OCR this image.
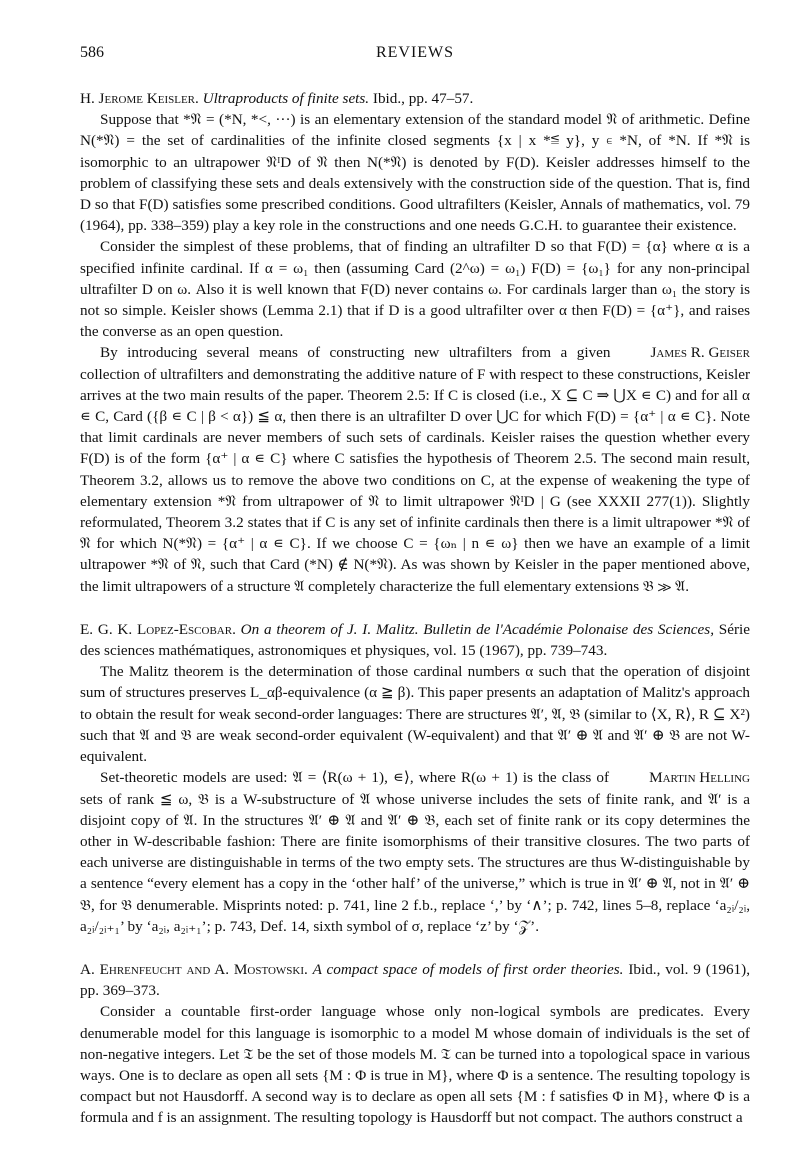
586	REVIEWS

H. Jerome Keisler. Ultraproducts of finite sets. Ibid., pp. 47–57.

Suppose that *𝔑 = (*N, *<, ···) is an elementary extension of the standard model 𝔑 of arithmetic. Define N(*𝔑) = the set of cardinalities of the infinite closed segments {x | x *≦ y}, y ∊ *N, of *N. If *𝔑 is isomorphic to an ultrapower 𝔑ᴵD of 𝔑 then N(*𝔑) is denoted by F(D). Keisler addresses himself to the problem of classifying these sets and deals extensively with the construction side of the question. That is, find D so that F(D) satisfies some prescribed conditions. Good ultrafilters (Keisler, Annals of mathematics, vol. 79 (1964), pp. 338–359) play a key role in the constructions and one needs G.C.H. to guarantee their existence.

Consider the simplest of these problems, that of finding an ultrafilter D so that F(D) = {α} where α is a specified infinite cardinal. If α = ω₁ then (assuming Card (2^ω) = ω₁) F(D) = {ω₁} for any non-principal ultrafilter D on ω. Also it is well known that F(D) never contains ω. For cardinals larger than ω₁ the story is not so simple. Keisler shows (Lemma 2.1) that if D is a good ultrafilter over α then F(D) = {α⁺}, and raises the converse as an open question.

James R. Geiser
By introducing several means of constructing new ultrafilters from a given collection of ultrafilters and demonstrating the additive nature of F with respect to these constructions, Keisler arrives at the two main results of the paper. Theorem 2.5: If C is closed (i.e., X ⊆ C ⇒ ⋃X ∊ C) and for all α ∊ C, Card ({β ∊ C | β < α}) ≦ α, then there is an ultrafilter D over ⋃C for which F(D) = {α⁺ | α ∊ C}. Note that limit cardinals are never members of such sets of cardinals. Keisler raises the question whether every F(D) is of the form {α⁺ | α ∊ C} where C satisfies the hypothesis of Theorem 2.5. The second main result, Theorem 3.2, allows us to remove the above two conditions on C, at the expense of weakening the type of elementary extension *𝔑 from ultrapower of 𝔑 to limit ultrapower 𝔑ᴵD | G (see XXXII 277(1)). Slightly reformulated, Theorem 3.2 states that if C is any set of infinite cardinals then there is a limit ultrapower *𝔑 of 𝔑 for which N(*𝔑) = {α⁺ | α ∊ C}. If we choose C = {ωₙ | n ∊ ω} then we have an example of a limit ultrapower *𝔑 of 𝔑, such that Card (*N) ∉ N(*𝔑). As was shown by Keisler in the paper mentioned above, the limit ultrapowers of a structure 𝔄 completely characterize the full elementary extensions 𝔅 ≫ 𝔄.

E. G. K. Lopez-Escobar. On a theorem of J. I. Malitz. Bulletin de l'Académie Polonaise des Sciences, Série des sciences mathématiques, astronomiques et physiques, vol. 15 (1967), pp. 739–743.

The Malitz theorem is the determination of those cardinal numbers α such that the operation of disjoint sum of structures preserves L_αβ-equivalence (α ≧ β). This paper presents an adaptation of Malitz's approach to obtain the result for weak second-order languages: There are structures 𝔄′, 𝔄, 𝔅 (similar to ⟨X, R⟩, R ⊆ X²) such that 𝔄 and 𝔅 are weak second-order equivalent (W-equivalent) and that 𝔄′ ⊕ 𝔄 and 𝔄′ ⊕ 𝔅 are not W-equivalent.

Martin Helling
Set-theoretic models are used: 𝔄 = ⟨R(ω + 1), ∊⟩, where R(ω + 1) is the class of sets of rank ≦ ω, 𝔅 is a W-substructure of 𝔄 whose universe includes the sets of finite rank, and 𝔄′ is a disjoint copy of 𝔄. In the structures 𝔄′ ⊕ 𝔄 and 𝔄′ ⊕ 𝔅, each set of finite rank or its copy determines the other in W-describable fashion: There are finite isomorphisms of their transitive closures. The two parts of each universe are distinguishable in terms of the two empty sets. The structures are thus W-distinguishable by a sentence “every element has a copy in the ‘other half’ of the universe,” which is true in 𝔄′ ⊕ 𝔄, not in 𝔄′ ⊕ 𝔅, for 𝔅 denumerable. Misprints noted: p. 741, line 2 f.b., replace ‘,’ by ‘∧’; p. 742, lines 5–8, replace ‘a₂ᵢ/₂ᵢ, a₂ᵢ/₂ᵢ₊₁’ by ‘a₂ᵢ, a₂ᵢ₊₁’; p. 743, Def. 14, sixth symbol of σ, replace ‘z’ by ‘𝒵’.

A. Ehrenfeucht and A. Mostowski. A compact space of models of first order theories. Ibid., vol. 9 (1961), pp. 369–373.

Consider a countable first-order language whose only non-logical symbols are predicates. Every denumerable model for this language is isomorphic to a model M whose domain of individuals is the set of non-negative integers. Let 𝔗 be the set of those models M. 𝔗 can be turned into a topological space in various ways. One is to declare as open all sets {M : Φ is true in M}, where Φ is a sentence. The resulting topology is compact but not Hausdorff. A second way is to declare as open all sets {M : f satisfies Φ in M}, where Φ is a formula and f is an assignment. The resulting topology is Hausdorff but not compact. The authors construct a
